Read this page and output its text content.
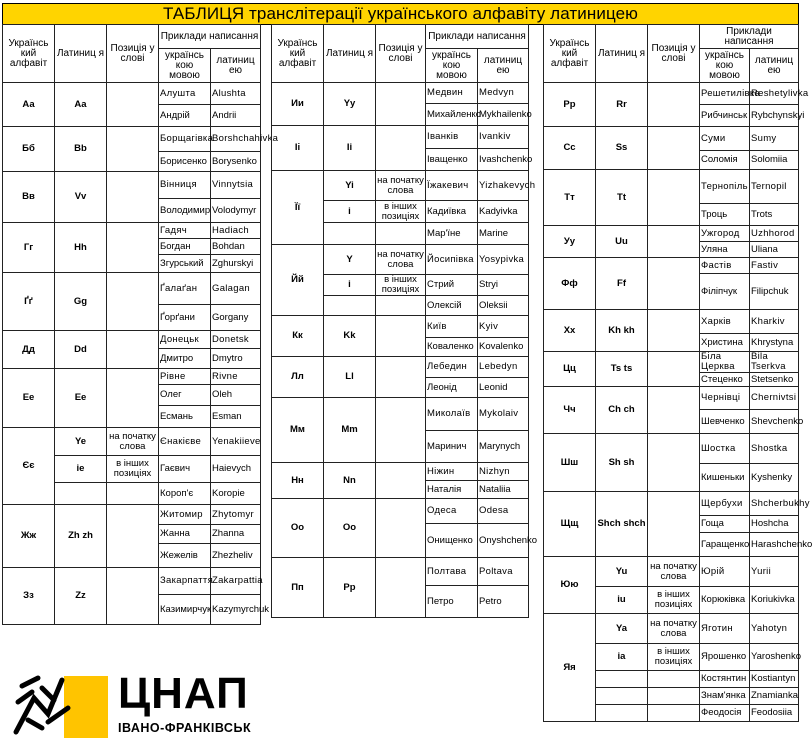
ТАБЛИЦЯ транслітерації українського алфавіту латиницею
Українсь кий алфавіт	Латиниц я	Позиція у слові	Приклади написання	
			українсь кою мовою	латиниц ею
Аа	Aa		Алушта	Alushta
			Андрій	Andrii
Бб	Bb		Борщагівка	Borshchahivka
			Борисенко	Borysenko
Вв	Vv		Вінниця	Vinnytsia
			Володимир	Volodymyr
Гг	Hh		Гадяч	Hadiach
			Богдан	Bohdan
			Згурський	Zghurskyi
Ґґ	Gg		Ґалаґан	Galagan
			Ґорґани	Gorgany
Дд	Dd		Донецьк	Donetsk
			Дмитро	Dmytro
Ее	Ee		Рівне	Rivne
			Олег	Oleh
			Есмань	Esman
Єє	Ye	на початку слова	Єнакієве	Yenakiieve
	ie	в інших позиціях	Гаєвич	Haievych
			Короп'є	Koropie
Жж	Zh zh		Житомир	Zhytomyr
			Жанна	Zhanna
			Жежелів	Zhezheliv
Зз	Zz		Закарпаття	Zakarpattia
			Казимирчук	Kazymyrchuk
Українсь кий алфавіт	Латиниц я	Позиція у слові	Приклади написання	
			українсь кою мовою	латиниц ею
Ии	Yy		Медвин	Medvyn
			Михайленко	Mykhailenko
Іі	Ii		Іванків	Ivankiv
			Іващенко	Ivashchenko
Її	Yi	на початку слова	Їжакевич	Yizhakevych
	i	в інших позиціях	Кадиївка	Kadyivka
			Мар'їне	Marine
Йй	Y	на початку слова	Йосипівка	Yosypivka
	i	в інших позиціях	Стрий	Stryi
			Олексій	Oleksii
Кк	Kk		Київ	Kyiv
			Коваленко	Kovalenko
Лл	Ll		Лебедин	Lebedyn
			Леонід	Leonid
Мм	Mm		Миколаїв	Mykolaiv
			Маринич	Marynych
Нн	Nn		Ніжин	Nizhyn
			Наталія	Nataliia
Оо	Oo		Одеса	Odesa
			Онищенко	Onyshchenko
Пп	Pp		Полтава	Poltava
			Петро	Petro
Українсь кий алфавіт	Латиниц я	Позиція у слові	Приклади написання	
			українсь кою мовою	латиниц ею
Рр	Rr		Решетилівка	Reshetylivka
			Рибчинськ	Rybchynskyi
Сс	Ss		Суми	Sumy
			Соломія	Solomiia
Тт	Tt		Тернопіль	Ternopil
			Троць	Trots
Уу	Uu		Ужгород	Uzhhorod
			Уляна	Uliana
Фф	Ff		Фастів	Fastiv
			Філіпчук	Filipchuk
Хх	Kh kh		Харків	Kharkiv
			Христина	Khrystyna
Цц	Ts ts		Біла Церква	Bila Tserkva
			Стеценко	Stetsenko
Чч	Ch ch		Чернівці	Chernivtsi
			Шевченко	Shevchenko
Шш	Sh sh		Шостка	Shostka
			Кишеньки	Kyshenky
Щщ	Shch shch		Щербухи	Shcherbukhy
			Гоща	Hoshcha
			Гаращенко	Harashchenko
Юю	Yu	на початку слова	Юрій	Yurii
	iu	в інших позиціях	Корюківка	Koriukivka
Яя	Ya	на початку слова	Яготин	Yahotyn
	ia	в інших позиціях	Ярошенко	Yaroshenko
			Костянтин	Kostiantyn
			Знам'янка	Znamianka
			Феодосія	Feodosiia
ЦНАП
ІВАНО-ФРАНКІВСЬК
